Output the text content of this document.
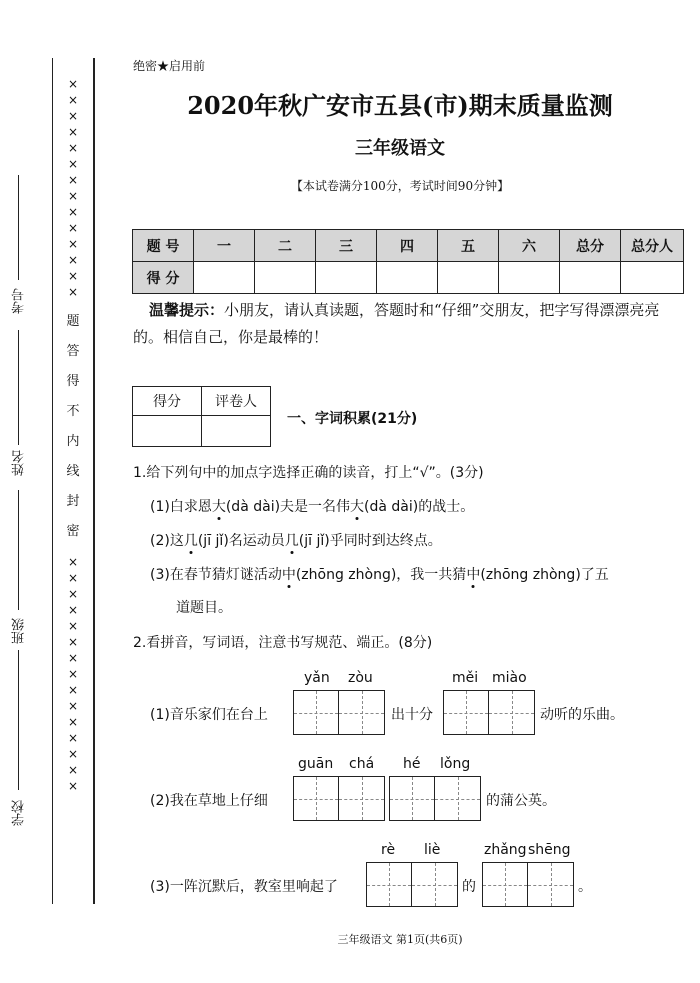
学校
班级
姓名
考号
×
×
×
×
×
×
×
×
×
×
×
×
×
×
题
答
得
不
内
线
封
密
×
×
×
×
×
×
×
×
×
×
×
×
×
×
×
绝密★启用前
2020年秋广安市五县(市)期末质量监测
三年级语文
【本试卷满分100分，考试时间90分钟】
题 号	一	二	三	四	五	六	总分	总分人
得 分								
温馨提示：小朋友，请认真读题，答题时和“仔细”交朋友，把字写得漂漂亮亮的。相信自己，你是最棒的！
得分	评卷人

一、字词积累(21分)
1.给下列句中的加点字选择正确的读音，打上“√”。(3分)
(1)白求恩大(dà dài)夫是一名伟大(dà dài)的战士。
(2)这几(jī jǐ)名运动员几(jī jǐ)乎同时到达终点。
(3)在春节猜灯谜活动中(zhōng zhòng)，我一共猜中(zhōng zhòng)了五
道题目。
2.看拼音，写词语，注意书写规范、端正。(8分)
yǎn zòu	měi miào
(1)音乐家们在台上	出十分	动听的乐曲。
guān chá hé lǒng
(2)我在草地上仔细	的蒲公英。
rè liè	zhǎng shēng
(3)一阵沉默后，教室里响起了	的	。
三年级语文 第1页(共6页)
